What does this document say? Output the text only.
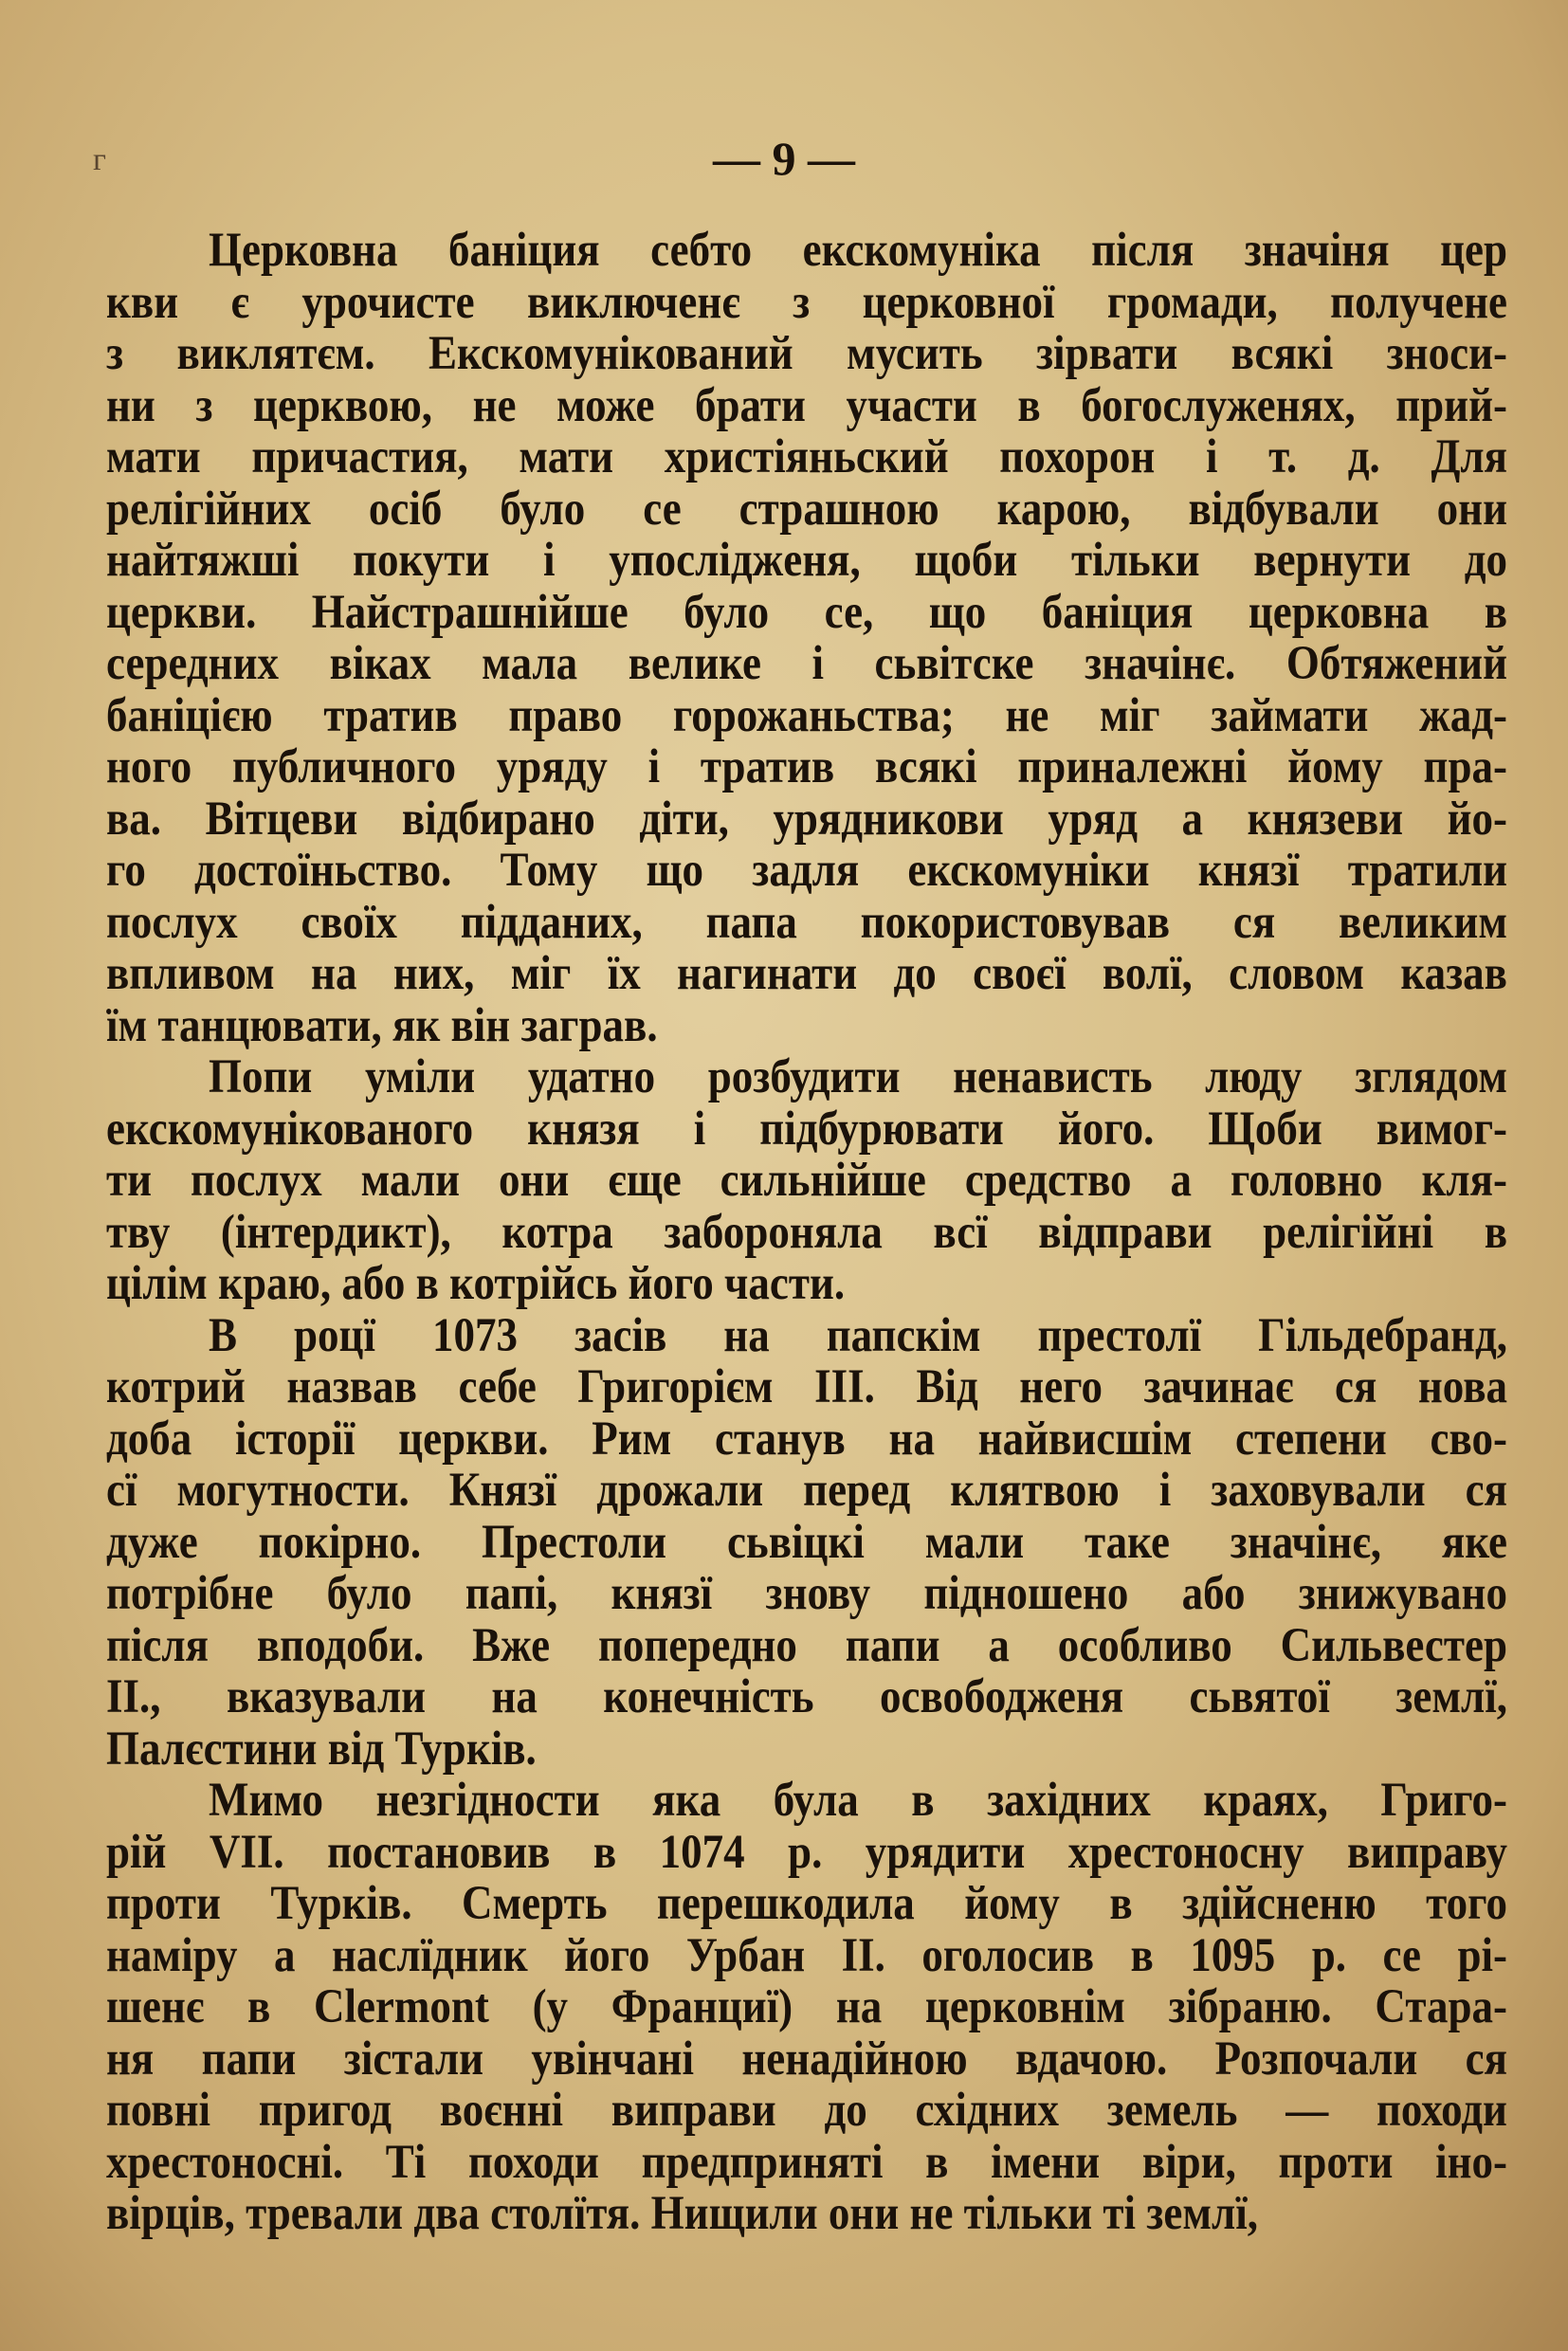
г	— 9 —
Церковна баніция себто екскомуніка після значіня цер
кви є урочисте виключенє з церковної громади, получене
з виклятєм. Екскомунікований мусить зірвати всякі зноси-
ни з церквою, не може брати участи в богослуженях, прий-
мати причастия, мати христіяньский похорон і т. д. Для
релігійних осіб було се страшною карою, відбували они
найтяжші покути і упосліджeня, щоби тільки вернути до
церкви. Найстрашнійше було се, що баніция церковна в
середних віках мала велике і сьвітске значінє. Обтяжений
баніцією тратив право горожаньства; не міг займати жад-
ного публичного уряду і тратив всякі приналежні йому пра-
ва. Вітцеви відбирано діти, урядникови уряд а князеви йо-
го достоїньство. Тому що задля екскомуніки князї тратили
послух своїх підданих, папа покористовував ся великим
впливом на них, міг їх нагинати до своєї волї, словом казав
їм танцювати, як він заграв.
Попи уміли удатно розбудити ненависть люду зглядом
екскомунікованого князя і підбурювати його. Щоби вимог-
ти послух мали они єще сильнійше средство а головно кля-
тву (інтердикт), котра забороняла всї відправи релігійні в
цілім краю, або в котрійсь його части.
В роцї 1073 засів на папскім престолї Гільдебранд,
котрий назвав себе Григорієм III. Від него зачинає ся нова
доба історії церкви. Рим станув на найвисшім степени сво-
сї могутности. Князї дрожали перед клятвою і заховували ся
дуже покірно. Престоли сьвіцкі мали таке значінє, яке
потрібне було папі, князї знову підношено або знижувано
після вподоби. Вже попередно папи а особливо Сильвестер
II., вказували на конечність освободженя сьвятої землї,
Палєстини від Турків.
Мимо незгідности яка була в західних краях, Григо-
рій VII. постановив в 1074 р. урядити хрестоносну виправу
проти Турків. Смерть перешкодила йому в здійсненю того
наміру а наслїдник його Урбан II. оголосив в 1095 р. се рі-
шенє в Clermont (у Франциї) на церковнім зібраню. Стара-
ня папи зістали увінчані ненадійною вдачою. Розпочали ся
повні пригод воєнні виправи до східних земель — походи
хрестоносні. Ті походи предприняті в імени віри, проти іно-
вірців, тревали два столїтя. Нищили они не тільки ті землї,
